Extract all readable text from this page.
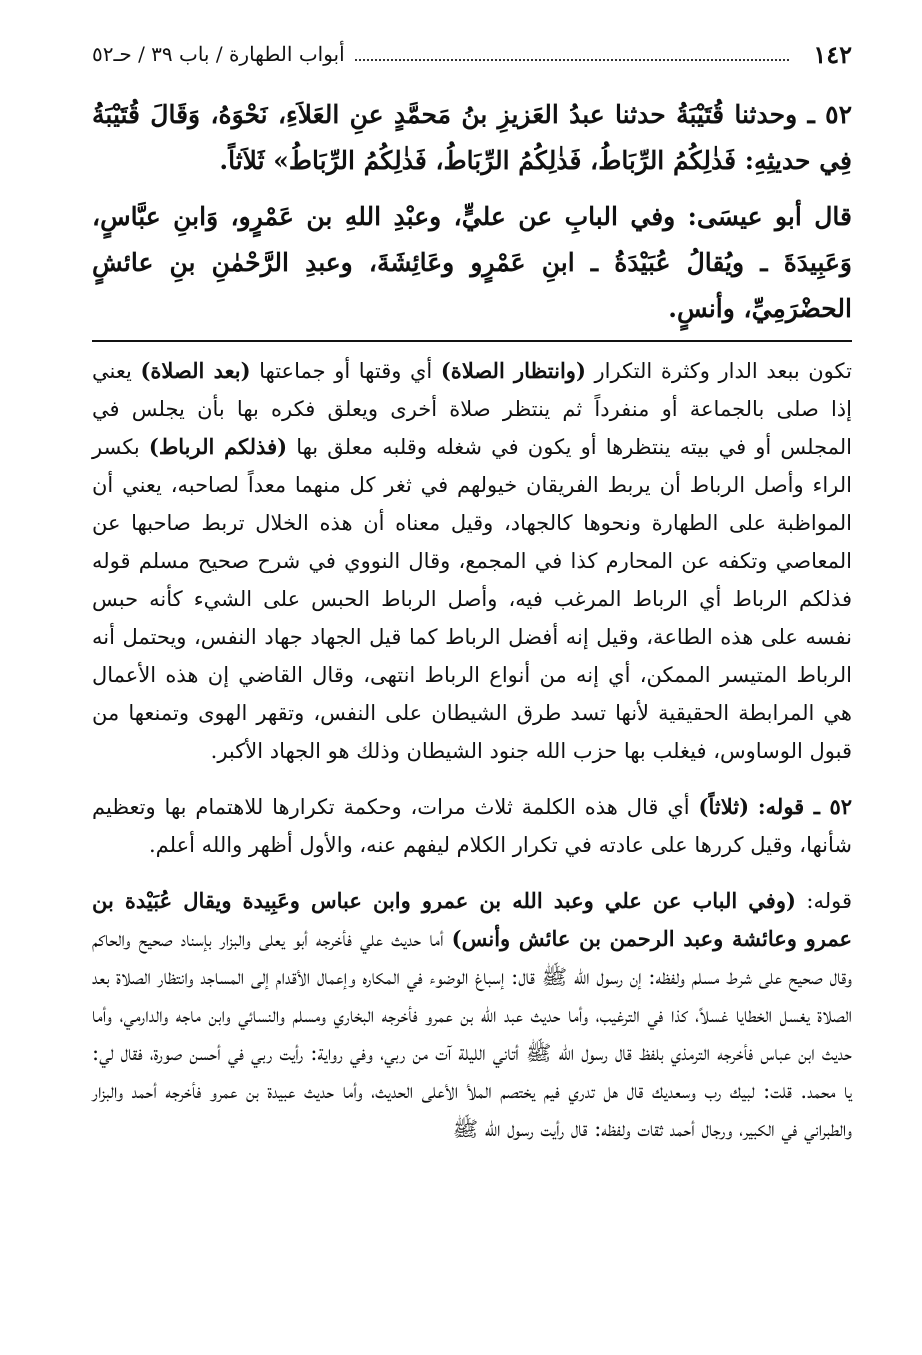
١٤٢
أبواب الطهارة / باب ٣٩ / حـ٥٢

٥٢ ـ وحدثنا قُتَيْبَةُ حدثنا عبدُ العَزيزِ بنُ مَحمَّدٍ عنِ العَلاَءِ، نَحْوَهُ، وَقَالَ قُتَيْبَةُ فِي حديثِهِ: فَذٰلِكُمُ الرِّبَاطُ، فَذٰلِكُمُ الرِّبَاطُ، فَذٰلِكُمُ الرِّبَاطُ» ثَلاَثاً.

قال أبو عيسَى: وفي البابِ عن عليٍّ، وعبْدِ اللهِ بن عَمْرٍو، وَابنِ عبَّاسٍ، وَعَبِيدَةَ ـ ويُقالُ عُبَيْدَةُ ـ ابنِ عَمْرٍو وعَائِشَةَ، وعبدِ الرَّحْمٰنِ بنِ عائشٍ الحضْرَمِيِّ، وأنسٍ.

تكون ببعد الدار وكثرة التكرار (وانتظار الصلاة) أي وقتها أو جماعتها (بعد الصلاة) يعني إذا صلى بالجماعة أو منفرداً ثم ينتظر صلاة أخرى ويعلق فكره بها بأن يجلس في المجلس أو في بيته ينتظرها أو يكون في شغله وقلبه معلق بها (فذلكم الرباط) بكسر الراء وأصل الرباط أن يربط الفريقان خيولهم في ثغر كل منهما معداً لصاحبه، يعني أن المواظبة على الطهارة ونحوها كالجهاد، وقيل معناه أن هذه الخلال تربط صاحبها عن المعاصي وتكفه عن المحارم كذا في المجمع، وقال النووي في شرح صحيح مسلم قوله فذلكم الرباط أي الرباط المرغب فيه، وأصل الرباط الحبس على الشيء كأنه حبس نفسه على هذه الطاعة، وقيل إنه أفضل الرباط كما قيل الجهاد جهاد النفس، ويحتمل أنه الرباط المتيسر الممكن، أي إنه من أنواع الرباط انتهى، وقال القاضي إن هذه الأعمال هي المرابطة الحقيقية لأنها تسد طرق الشيطان على النفس، وتقهر الهوى وتمنعها من قبول الوساوس، فيغلب بها حزب الله جنود الشيطان وذلك هو الجهاد الأكبر.

٥٢ ـ قوله: (ثلاثاً) أي قال هذه الكلمة ثلاث مرات، وحكمة تكرارها للاهتمام بها وتعظيم شأنها، وقيل كررها على عادته في تكرار الكلام ليفهم عنه، والأول أظهر والله أعلم.

قوله: (وفي الباب عن علي وعبد الله بن عمرو وابن عباس وعَبِيدة ويقال عُبَيْدة بن عمرو وعائشة وعبد الرحمن بن عائش وأنس) أما حديث علي فأخرجه أبو يعلى والبزار بإسناد صحيح والحاكم وقال صحيح على شرط مسلم ولفظه: إن رسول الله ﷺ قال: إسباغ الوضوء في المكاره وإعمال الأقدام إلى المساجد وانتظار الصلاة بعد الصلاة يغسل الخطايا غسلاً، كذا في الترغيب، وأما حديث عبد الله بن عمرو فأخرجه البخاري ومسلم والنسائي وابن ماجه والدارمي، وأما حديث ابن عباس فأخرجه الترمذي بلفظ قال رسول الله ﷺ أتاني الليلة آت من ربي، وفي رواية: رأيت ربي في أحسن صورة، فقال لي: يا محمد. قلت: لبيك رب وسعديك قال هل تدري فيم يختصم الملأ الأعلى الحديث، وأما حديث عبيدة بن عمرو فأخرجه أحمد والبزار والطبراني في الكبير، ورجال أحمد ثقات ولفظه: قال رأيت رسول الله ﷺ
